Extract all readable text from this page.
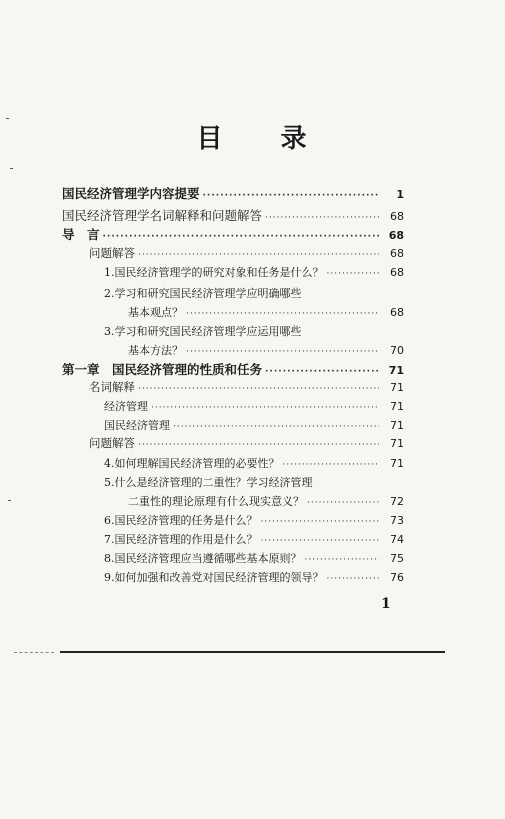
目 录
国民经济管理学内容提要 ·····	1
国民经济管理学名词解释和问题解答 ·····	68
导　言 ·····	68
问题解答 ·····	68
1.国民经济管理学的研究对象和任务是什么？ ·····	68
2.学习和研究国民经济管理学应明确哪些
基本观点？ ·····	68
3.学习和研究国民经济管理学应运用哪些
基本方法？ ·····	70
第一章　国民经济管理的性质和任务 ·····	71
名词解释 ·····	71
经济管理 ·····	71
国民经济管理 ·····	71
问题解答 ·····	71
4.如何理解国民经济管理的必要性？ ·····	71
5.什么是经济管理的二重性？学习经济管理
二重性的理论原理有什么现实意义？ ·····	72
6.国民经济管理的任务是什么？ ·····	73
7.国民经济管理的作用是什么？ ·····	74
8.国民经济管理应当遵循哪些基本原则？ ·····	75
9.如何加强和改善党对国民经济管理的领导？ ·····	76
1
